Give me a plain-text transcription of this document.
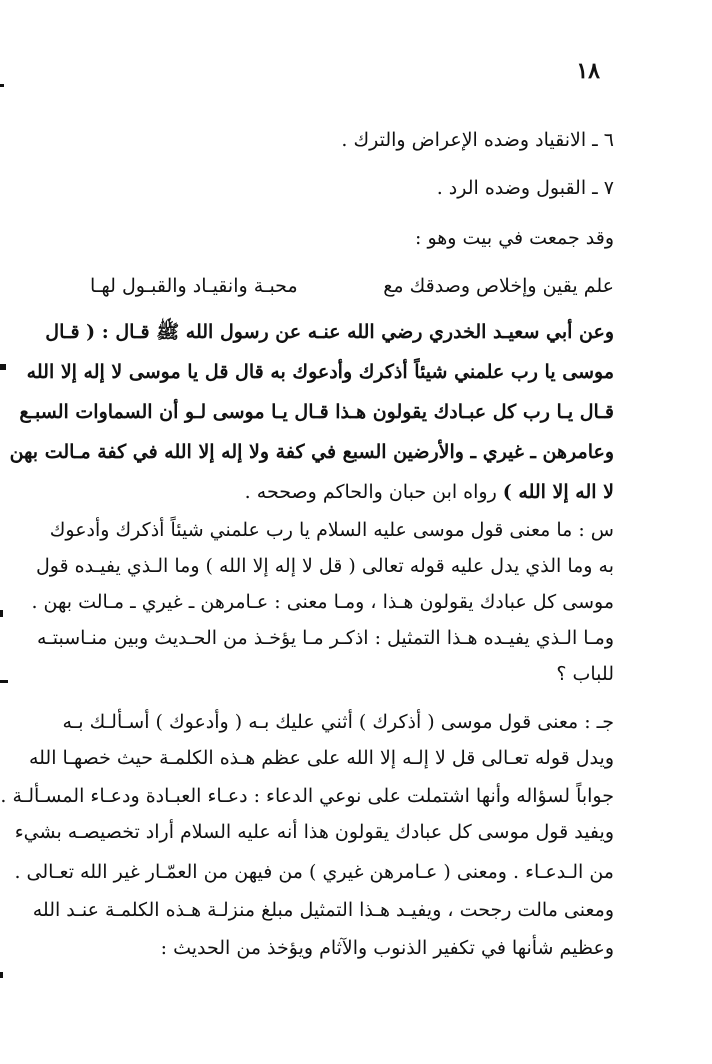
١٨
٦ ـ الانقياد وضده الإعراض والترك .
٧ ـ القبول وضده الرد .
وقد جمعت في بيت وهو :
علم يقين وإخلاص وصدقك مع
محبـة وانقيـاد والقبـول لهـا
وعن أبي سعيـد الخدري رضي الله عنـه عن رسول الله ﷺ قـال : ( قـال
موسى يا رب علمني شيئاً أذكرك وأدعوك به قال قل يا موسى لا إله إلا الله
قـال يـا رب كل عبـادك يقولون هـذا قـال يـا موسى لـو أن السماوات السبـع
وعامرهن ـ غيري ـ والأرضين السبع في كفة ولا إله إلا الله في كفة مـالت بهن
لا اله إلا الله ) رواه ابن حبان والحاكم وصححه .
س : ما معنى قول موسى عليه السلام يا رب علمني شيئاً أذكرك وأدعوك
به وما الذي يدل عليه قوله تعالى ( قل لا إله إلا الله ) وما الـذي يفيـده قول
موسى كل عبادك يقولون هـذا ، ومـا معنى : عـامرهن ـ غيري ـ مـالت بهن .
ومـا الـذي يفيـده هـذا التمثيل : اذكـر مـا يؤخـذ من الحـديث وبين منـاسبتـه
للباب ؟
جـ : معنى قول موسى ( أذكرك ) أثني عليك بـه ( وأدعوك ) أسـألـك بـه
ويدل قوله تعـالى قل لا إلـه إلا الله على عظم هـذه الكلمـة حيث خصهـا الله
جواباً لسؤاله وأنها اشتملت على نوعي الدعاء : دعـاء العبـادة ودعـاء المسـألـة .
ويفيد قول موسى كل عبادك يقولون هذا أنه عليه السلام أراد تخصيصـه بشيء
من الـدعـاء . ومعنى ( عـامرهن غيري ) من فيهن من العمّـار غير الله تعـالى .
ومعنى مالت رجحت ، ويفيـد هـذا التمثيل مبلغ منزلـة هـذه الكلمـة عنـد الله
وعظيم شأنها في تكفير الذنوب والآثام ويؤخذ من الحديث :
